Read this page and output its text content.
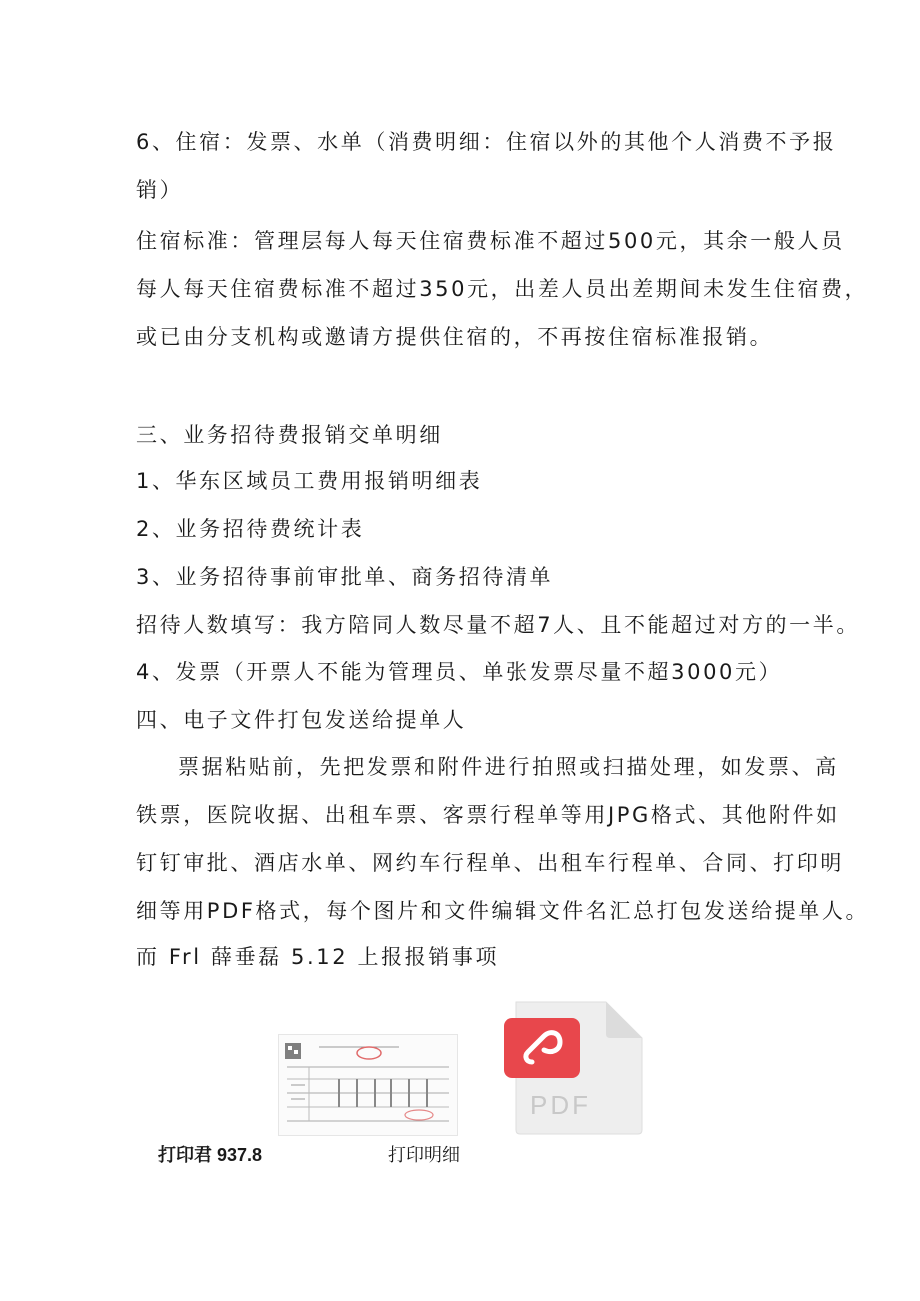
6、住宿：发票、水单（消费明细：住宿以外的其他个人消费不予报
销）
住宿标准：管理层每人每天住宿费标准不超过500元，其余一般人员
每人每天住宿费标准不超过350元，出差人员出差期间未发生住宿费，
或已由分支机构或邀请方提供住宿的，不再按住宿标准报销。
三、业务招待费报销交单明细
1、华东区域员工费用报销明细表
2、业务招待费统计表
3、业务招待事前审批单、商务招待清单
招待人数填写：我方陪同人数尽量不超7人、且不能超过对方的一半。
4、发票（开票人不能为管理员、单张发票尽量不超3000元）
四、电子文件打包发送给提单人
票据粘贴前，先把发票和附件进行拍照或扫描处理，如发票、高
铁票，医院收据、出租车票、客票行程单等用JPG格式、其他附件如
钉钉审批、酒店水单、网约车行程单、出租车行程单、合同、打印明
细等用PDF格式，每个图片和文件编辑文件名汇总打包发送给提单人。
而 Frl 薛垂磊 5.12 上报报销事项
PDF
打印君 937.8	打印明细
